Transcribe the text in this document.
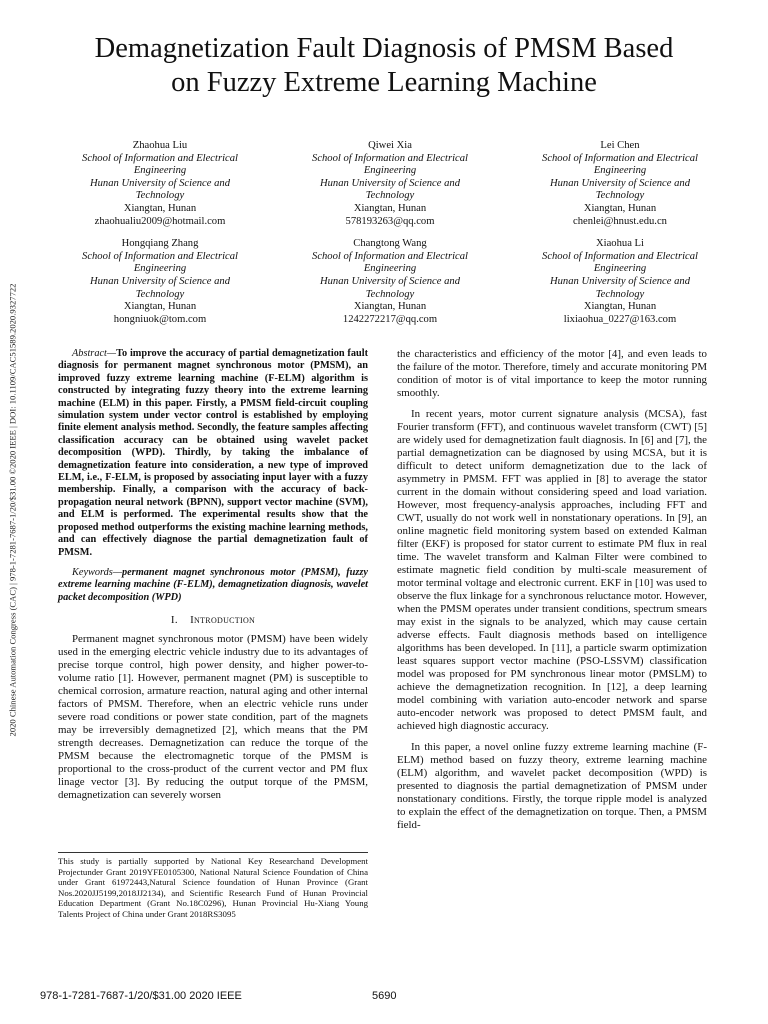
2020 Chinese Automation Congress (CAC) | 978-1-7281-7687-1/20/$31.00 ©2020 IEEE | DOI: 10.1109/CAC51589.2020.9327722
Demagnetization Fault Diagnosis of PMSM Based
on Fuzzy Extreme Learning Machine
Zhaohua Liu
School of Information and Electrical
Engineering
Hunan University of Science and
Technology
Xiangtan, Hunan
zhaohualiu2009@hotmail.com
Qiwei Xia
School of Information and Electrical
Engineering
Hunan University of Science and
Technology
Xiangtan, Hunan
578193263@qq.com
Lei Chen
School of Information and Electrical
Engineering
Hunan University of Science and
Technology
Xiangtan, Hunan
chenlei@hnust.edu.cn
Hongqiang Zhang
School of Information and Electrical
Engineering
Hunan University of Science and
Technology
Xiangtan, Hunan
hongniuok@tom.com
Changtong Wang
School of Information and Electrical
Engineering
Hunan University of Science and
Technology
Xiangtan, Hunan
1242272217@qq.com
Xiaohua Li
School of Information and Electrical
Engineering
Hunan University of Science and
Technology
Xiangtan, Hunan
lixiaohua_0227@163.com

Abstract—To improve the accuracy of partial demagnetization fault diagnosis for permanent magnet synchronous motor (PMSM), an improved fuzzy extreme learning machine (F-ELM) algorithm is constructed by integrating fuzzy theory into the extreme learning machine (ELM) in this paper. Firstly, a PMSM field-circuit coupling simulation system under vector control is established by employing finite element analysis method. Secondly, the feature samples affecting classification accuracy can be obtained using wavelet packet decomposition (WPD). Thirdly, by taking the imbalance of demagnetization feature into consideration, a new type of improved ELM, i.e., F-ELM, is proposed by associating input layer with a fuzzy membership. Finally, a comparison with the accuracy of back-propagation neural network (BPNN), support vector machine (SVM), and ELM is performed. The experimental results show that the proposed method outperforms the existing machine learning methods, and can effectively diagnose the partial demagnetization fault of PMSM.

Keywords—permanent magnet synchronous motor (PMSM), fuzzy extreme learning machine (F-ELM), demagnetization diagnosis, wavelet packet decomposition (WPD)

I. Introduction

Permanent magnet synchronous motor (PMSM) have been widely used in the emerging electric vehicle industry due to its advantages of precise torque control, high power density, and higher power-to-volume ratio [1]. However, permanent magnet (PM) is susceptible to chemical corrosion, armature reaction, natural aging and other internal factors of PMSM. Therefore, when an electric vehicle runs under severe road conditions or power state condition, part of the magnets may be irreversibly demagnetized [2], which means that the PM strength decreases. Demagnetization can reduce the torque of the PMSM because the electromagnetic torque of the PMSM is proportional to the cross-product of the current vector and PM flux linage vector [3]. By reducing the output torque of the PMSM, demagnetization can severely worsen

This study is partially supported by National Key Researchand Development Projectunder Grant 2019YFE0105300, National Natural Science Foundation of China under Grant 61972443,Natural Science foundation of Hunan Province (Grant Nos.2020JJ5199,2018JJ2134), and Scientific Research Fund of Hunan Provincial Education Department (Grant No.18C0296), Hunan Provincial Hu-Xiang Young Talents Project of China under Grant 2018RS3095

the characteristics and efficiency of the motor [4], and even leads to the failure of the motor. Therefore, timely and accurate monitoring PM condition of motor is of vital importance to keep the motor running smoothly.

In recent years, motor current signature analysis (MCSA), fast Fourier transform (FFT), and continuous wavelet transform (CWT) [5] are widely used for demagnetization fault diagnosis. In [6] and [7], the partial demagnetization can be diagnosed by using MCSA, but it is difficult to detect uniform demagnetization due to the lack of asymmetry in PMSM. FFT was applied in [8] to average the stator current in the domain without considering speed and load variation. However, most frequency-analysis approaches, including FFT and CWT, usually do not work well in nonstationary operations. In [9], an online magnetic field monitoring system based on extended Kalman filter (EKF) is proposed for stator current to estimate PM flux in real time. The wavelet transform and Kalman Filter were combined to estimate magnetic field condition by multi-scale measurement of motor terminal voltage and electronic current. EKF in [10] was used to observe the flux linkage for a synchronous reluctance motor. However, when the PMSM operates under transient conditions, spectrum smears may exist in the signals to be analyzed, which may cause certain adverse effects. Fault diagnosis methods based on intelligence algorithms has been developed. In [11], a particle swarm optimization least squares support vector machine (PSO-LSSVM) classification model was proposed for PM synchronous linear motor (PMSLM) to achieve the demagnetization recognition. In [12], a deep learning model combining with variation auto-encoder network and sparse auto-encoder network was proposed to detect PMSM fault, and achieved high diagnostic accuracy.

In this paper, a novel online fuzzy extreme learning machine (F-ELM) method based on fuzzy theory, extreme learning machine (ELM) algorithm, and wavelet packet decomposition (WPD) is presented to diagnosis the partial demagnetization of PMSM under nonstationary conditions. Firstly, the torque ripple model is analyzed to explain the effect of the demagnetization on torque. Then, a PMSM field-

978-1-7281-7687-1/20/$31.00 2020 IEEE	5690
